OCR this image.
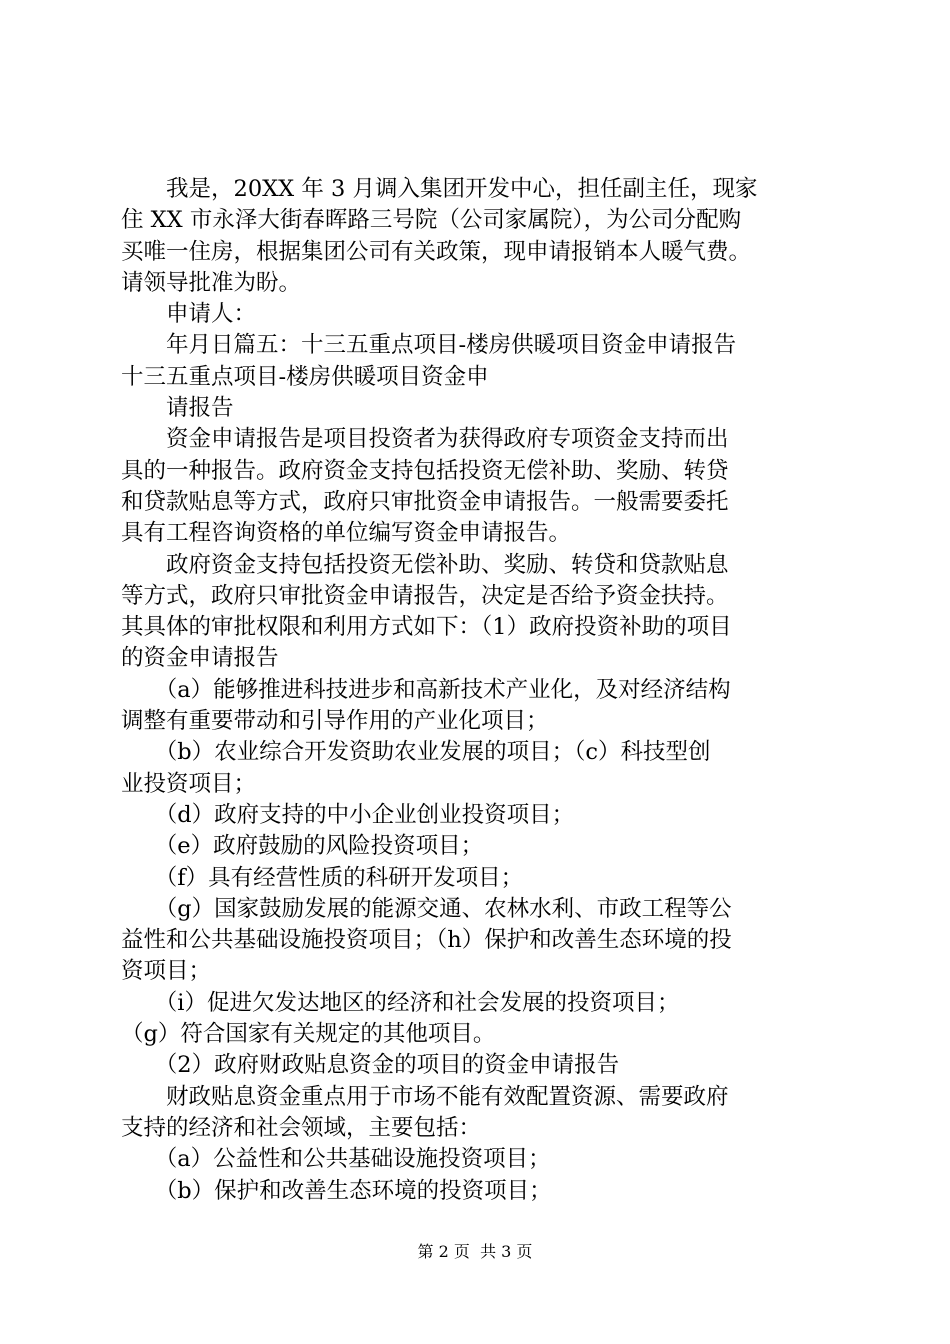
　　我是，20XX 年 3 月调入集团开发中心，担任副主任，现家
住 XX 市永泽大街春晖路三号院（公司家属院），为公司分配购
买唯一住房，根据集团公司有关政策，现申请报销本人暖气费。
请领导批准为盼。
　　申请人：
　　年月日篇五：十三五重点项目-楼房供暖项目资金申请报告
十三五重点项目-楼房供暖项目资金申
　　请报告
　　资金申请报告是项目投资者为获得政府专项资金支持而出
具的一种报告。政府资金支持包括投资无偿补助、奖励、转贷
和贷款贴息等方式，政府只审批资金申请报告。一般需要委托
具有工程咨询资格的单位编写资金申请报告。
　　政府资金支持包括投资无偿补助、奖励、转贷和贷款贴息
等方式，政府只审批资金申请报告，决定是否给予资金扶持。
其具体的审批权限和利用方式如下：（1）政府投资补助的项目
的资金申请报告
　　（a）能够推进科技进步和高新技术产业化，及对经济结构
调整有重要带动和引导作用的产业化项目；
　　（b）农业综合开发资助农业发展的项目；（c）科技型创
业投资项目；
　　（d）政府支持的中小企业创业投资项目；
　　（e）政府鼓励的风险投资项目；
　　（f）具有经营性质的科研开发项目；
　　（g）国家鼓励发展的能源交通、农林水利、市政工程等公
益性和公共基础设施投资项目；（h）保护和改善生态环境的投
资项目；
　　（i）促进欠发达地区的经济和社会发展的投资项目；
（g）符合国家有关规定的其他项目。
　　（2）政府财政贴息资金的项目的资金申请报告
　　财政贴息资金重点用于市场不能有效配置资源、需要政府
支持的经济和社会领域，主要包括：
　　（a）公益性和公共基础设施投资项目；
　　（b）保护和改善生态环境的投资项目；
第 2 页  共 3 页
